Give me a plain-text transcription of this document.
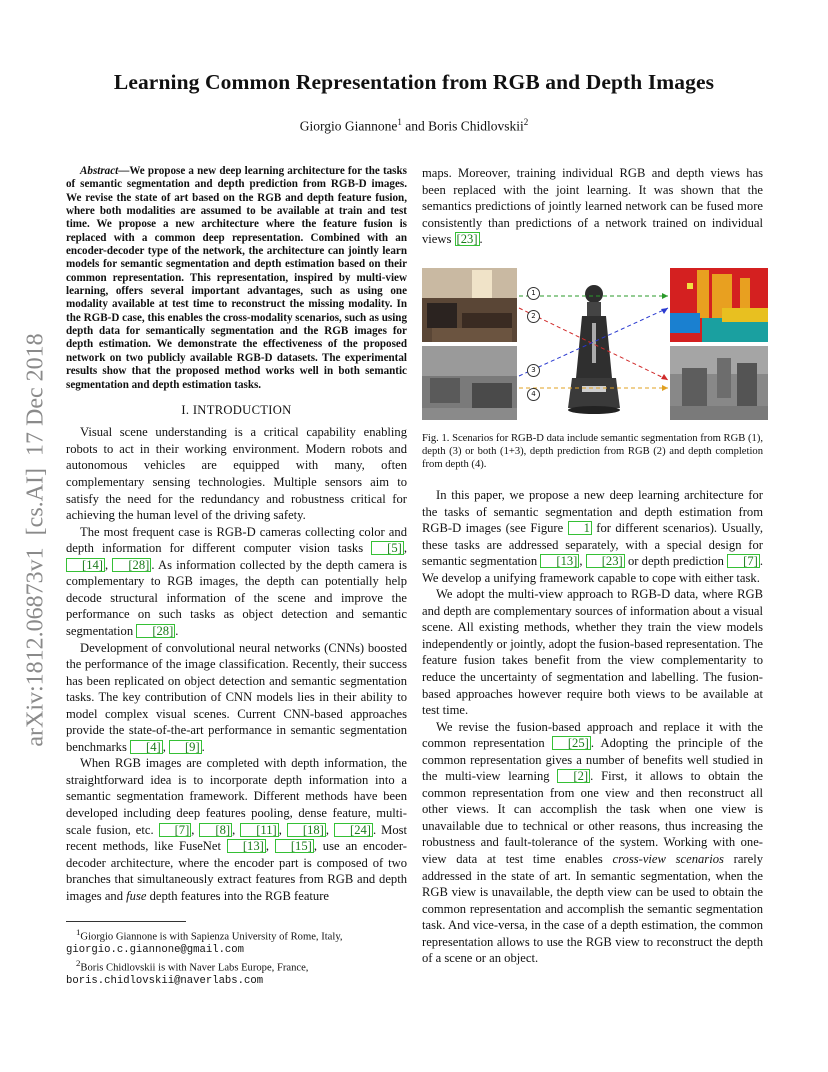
Learning Common Representation from RGB and Depth Images
Giorgio Giannone$^1$ and Boris Chidlovskii$^2$
arXiv:1812.06873v1  [cs.AI]  17 Dec 2018

Abstract—We propose a new deep learning architecture for the tasks of semantic segmentation and depth prediction from RGB-D images. We revise the state of art based on the RGB and depth feature fusion, where both modalities are assumed to be available at train and test time. We propose a new architecture where the feature fusion is replaced with a common deep representation. Combined with an encoder-decoder type of the network, the architecture can jointly learn models for semantic segmentation and depth estimation based on their common representation. This representation, inspired by multi-view learning, offers several important advantages, such as using one modality available at test time to reconstruct the missing modality. In the RGB-D case, this enables the cross-modality scenarios, such as using depth data for semantically segmentation and the RGB images for depth estimation. We demonstrate the effectiveness of the proposed network on two publicly available RGB-D datasets. The experimental results show that the proposed method works well in both semantic segmentation and depth estimation tasks.

I. INTRODUCTION

Visual scene understanding is a critical capability enabling robots to act in their working environment. Modern robots and autonomous vehicles are equipped with many, often complementary sensing technologies. Multiple sensors aim to satisfy the need for the redundancy and robustness critical for achieving the human level of the driving safety.

The most frequent case is RGB-D cameras collecting color and depth information for different computer vision tasks [5] , [14] , [28] . As information collected by the depth camera is complementary to RGB images, the depth can potentially help decode structural information of the scene and improve the performance on such tasks as object detection and semantic segmentation [28] .

Development of convolutional neural networks (CNNs) boosted the performance of the image classification. Recently, their success has been replicated on object detection and semantic segmentation tasks. The key contribution of CNN models lies in their ability to model complex visual scenes. Current CNN-based approaches provide the state-of-the-art performance in semantic segmentation benchmarks [4] , [9] .

When RGB images are completed with depth information, the straightforward idea is to incorporate depth information into a semantic segmentation framework. Different methods have been developed including deep features pooling, dense feature, multi-scale fusion, etc. [7] , [8] , [11] , [18] , [24] . Most recent methods, like FuseNet [13] , [15] , use an encoder-decoder architecture, where the encoder part is composed of two branches that simultaneously extract features from RGB and depth images and fuse depth features into the RGB feature

$^1$Giorgio Giannone is with Sapienza University of Rome, Italy,
giorgio.c.giannone@gmail.com

$^2$Boris Chidlovskii is with Naver Labs Europe, France,
boris.chidlovskii@naverlabs.com

maps. Moreover, training individual RGB and depth views has been replaced with the joint learning. It was shown that the semantics predictions of jointly learned network can be fused more consistently than predictions of a network trained on individual views [23] .

1
2
3
4
Fig. 1. Scenarios for RGB-D data include semantic segmentation from RGB (1), depth (3) or both (1+3), depth prediction from RGB (2) and depth completion from depth (4).

In this paper, we propose a new deep learning architecture for the tasks of semantic segmentation and depth estimation from RGB-D images (see Figure 1 for different scenarios). Usually, these tasks are addressed separately, with a special design for semantic segmentation [13] , [23] or depth prediction [7] . We develop a unifying framework capable to cope with either task.

We adopt the multi-view approach to RGB-D data, where RGB and depth are complementary sources of information about a visual scene. All existing methods, whether they train the view models independently or jointly, adopt the fusion-based representation. The feature fusion takes benefit from the view complementarity to reduce the uncertainty of segmentation and labelling. The fusion-based approaches however require both views to be available at test time.

We revise the fusion-based approach and replace it with the common representation [25] . Adopting the principle of the common representation gives a number of benefits well studied in the multi-view learning [2] . First, it allows to obtain the common representation from one view and then reconstruct all other views. It can accomplish the task when one view is unavailable due to technical or other reasons, thus increasing the robustness and fault-tolerance of the system. Working with one-view data at test time enables cross-view scenarios rarely addressed in the state of art. In semantic segmentation, when the RGB view is unavailable, the depth view can be used to obtain the common representation and accomplish the semantic segmentation task. And vice-versa, in the case of a depth estimation, the common representation allows to use the RGB view to reconstruct the depth of a scene or an object.
